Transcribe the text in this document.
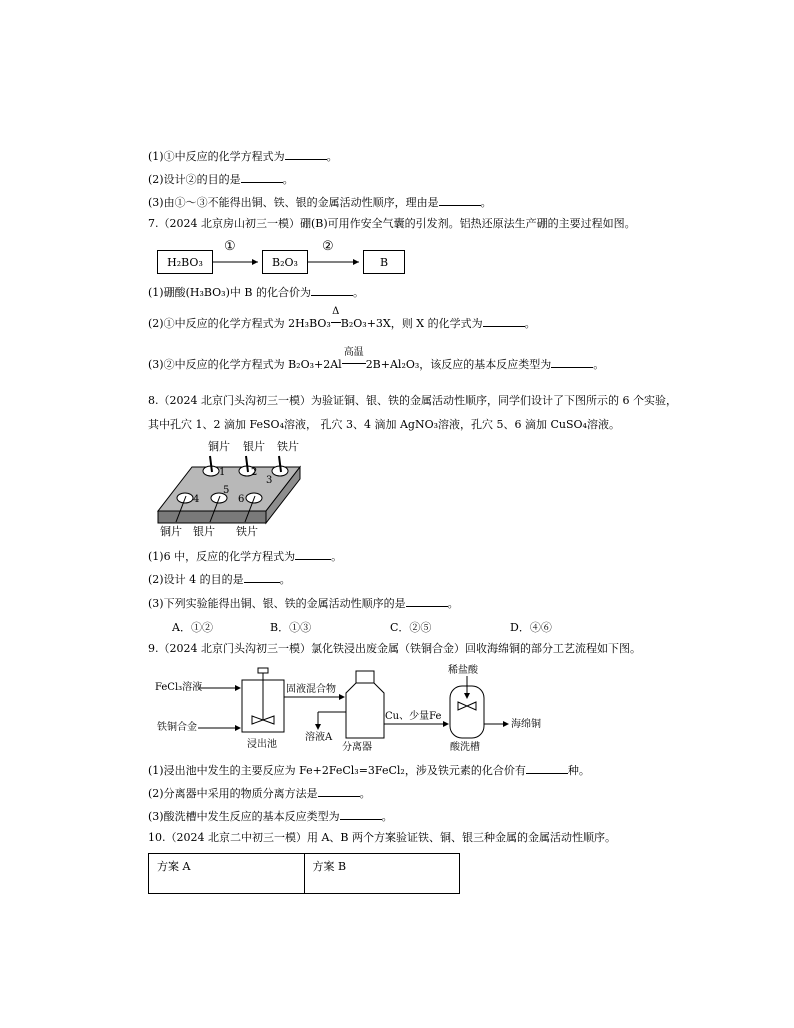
(1)①中反应的化学方程式为	。
(2)设计②的目的是	。
(3)由①～③不能得出铜、铁、银的金属活动性顺序，理由是	。
7.（2024 北京房山初三一模）硼(B)可用作安全气囊的引发剂。铝热还原法生产硼的主要过程如图。
H₂BO₃	B₂O₃	B
①	②
(1)硼酸(H₃BO₃)中 B 的化合价为	。
(2)①中反应的化学方程式为 2H₃BO₃
Δ
B₂O₃+3X，则 X 的化学式为	。
(3)②中反应的化学方程式为 B₂O₃+2Al
高温
2B+Al₂O₃，该反应的基本反应类型为	。
8.（2024 北京门头沟初三一模）为验证铜、银、铁的金属活动性顺序，同学们设计了下图所示的 6 个实验，
其中孔穴 1、2 滴加 FeSO₄溶液， 孔穴 3、4 滴加 AgNO₃溶液，孔穴 5、6 滴加 CuSO₄溶液。
铜片 银片 铁片
1	2
3
4
5
6
铜片 银片 铁片
(1)6 中，反应的化学方程式为	。
(2)设计 4 的目的是	。
(3)下列实验能得出铜、银、铁的金属活动性顺序的是	。
A．①②	B．①③	C．②⑤	D．④⑥
9.（2024 北京门头沟初三一模）氯化铁浸出废金属（铁铜合金）回收海绵铜的部分工艺流程如下图。
FeCl₃溶液
铁铜合金
浸出池
固液混合物
溶液A
分离器
Cu、少量Fe
稀盐酸
酸洗槽
海绵铜
(1)浸出池中发生的主要反应为 Fe+2FeCl₃=3FeCl₂，涉及铁元素的化合价有	种。
(2)分离器中采用的物质分离方法是	。
(3)酸洗槽中发生反应的基本反应类型为	。
10.（2024 北京二中初三一模）用 A、B 两个方案验证铁、铜、银三种金属的金属活动性顺序。
方案 A	方案 B
